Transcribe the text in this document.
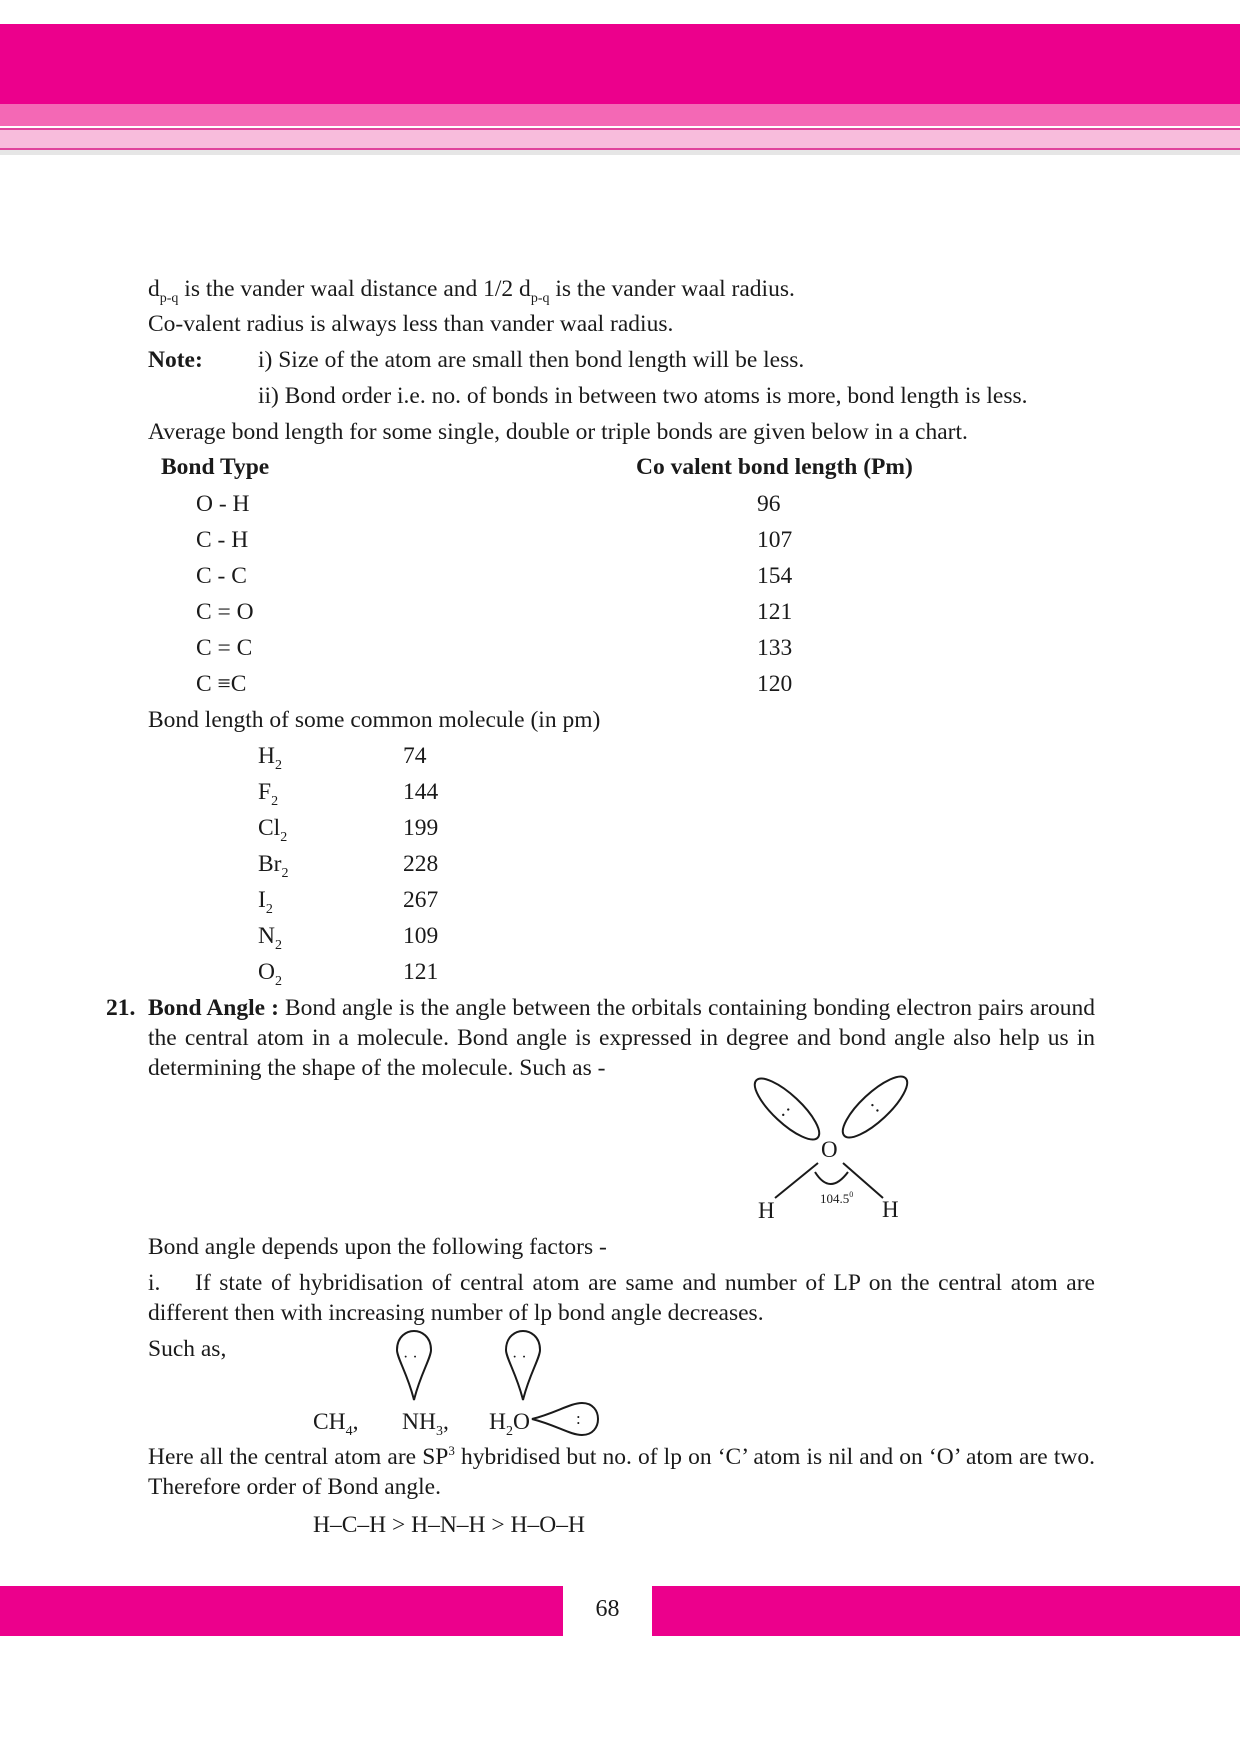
$d_{p-q}$ is the vander waal distance and 1/2 $d_{p-q}$ is the vander waal radius.
Co-valent radius is always less than vander waal radius.
Note: i) Size of the atom are small then bond length will be less.
ii) Bond order i.e. no. of bonds in between two atoms is more, bond length is less.
Average bond length for some single, double or triple bonds are given below in a chart.
Bond Type	Co valent bond length (Pm)
O - H	96
C - H	107
C - C	154
C = O	121
C = C	133
C ≡C	120
Bond length of some common molecule (in pm)
$H_2$	74
$F_2$	144
$Cl_2$	199
$Br_2$	228
$I_2$	267
$N_2$	109
$O_2$	121
21. Bond Angle : Bond angle is the angle between the orbitals containing bonding electron pairs around the central atom in a molecule. Bond angle is expressed in degree and bond angle also help us in determining the shape of the molecule. Such as -
:	:
O
H	H
$104.5^0$
· ·	· ·
:
Bond angle depends upon the following factors -
i.	If state of hybridisation of central atom are same and number of LP on the central atom are different then with increasing number of lp bond angle decreases.
Such as,
$CH_4$, $NH_3$, $H_2O$
Here all the central atom are $SP^3$ hybridised but no. of lp on ‘C’ atom is nil and on ‘O’ atom are two. Therefore order of Bond angle.
H–C–H > H–N–H > H–O–H
68
